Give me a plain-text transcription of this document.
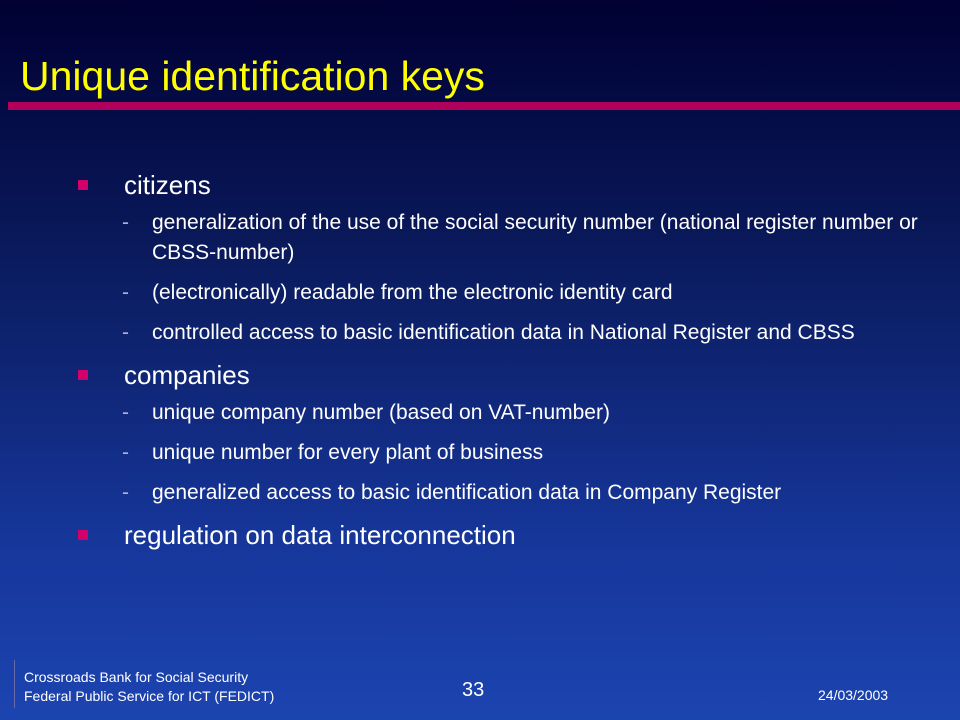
Unique identification keys
citizens
- generalization of the use of the social security number (national register number or CBSS-number)
- (electronically) readable from the electronic identity card
- controlled access to basic identification data in National Register and CBSS
companies
- unique company number (based on VAT-number)
- unique number for every plant of business
- generalized access to basic identification data in Company Register
regulation on data interconnection
Crossroads Bank for Social Security
Federal Public Service for ICT (FEDICT)	33	24/03/2003
